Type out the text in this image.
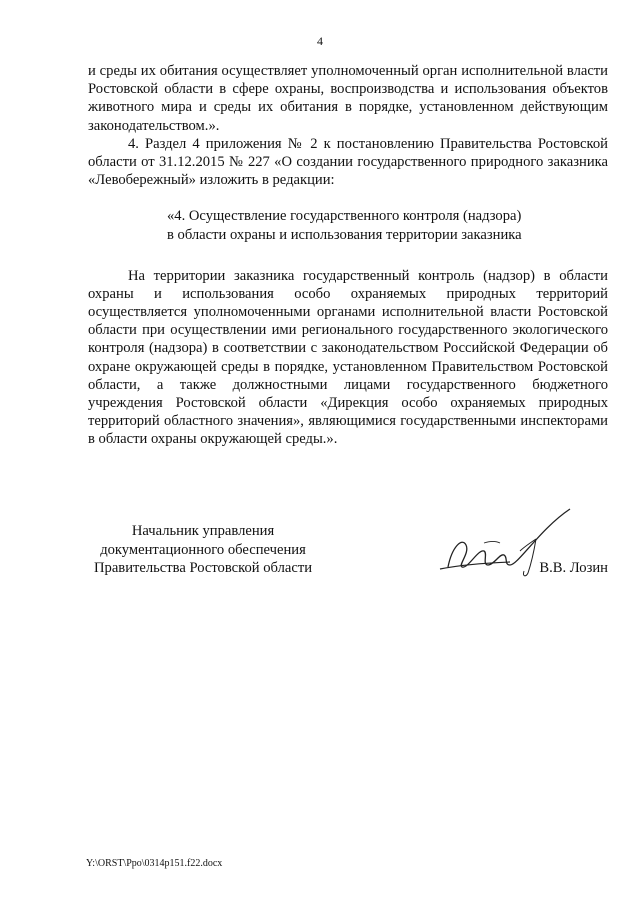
4

и среды их обитания осуществляет уполномоченный орган исполнительной власти Ростовской области в сфере охраны, воспроизводства и использования объектов животного мира и среды их обитания в порядке, установленном действующим законодательством.».

4. Раздел 4 приложения № 2 к постановлению Правительства Ростовской области от 31.12.2015 № 227 «О создании государственного природного заказника «Левобережный» изложить в редакции:

«4. Осуществление государственного контроля (надзора)
в области охраны и использования территории заказника

На территории заказника государственный контроль (надзор) в области охраны и использования особо охраняемых природных территорий осуществляется уполномоченными органами исполнительной власти Ростовской области при осуществлении ими регионального государственного экологического контроля (надзора) в соответствии с законодательством Российской Федерации об охране окружающей среды в порядке, установленном Правительством Ростовской области, а также должностными лицами государственного бюджетного учреждения Ростовской области «Дирекция особо охраняемых природных территорий областного значения», являющимися государственными инспекторами в области охраны окружающей среды.».

Начальник управления
документационного обеспечения
Правительства Ростовской области	В.В. Лозин
Y:\ORST\Ppo\0314p151.f22.docx
